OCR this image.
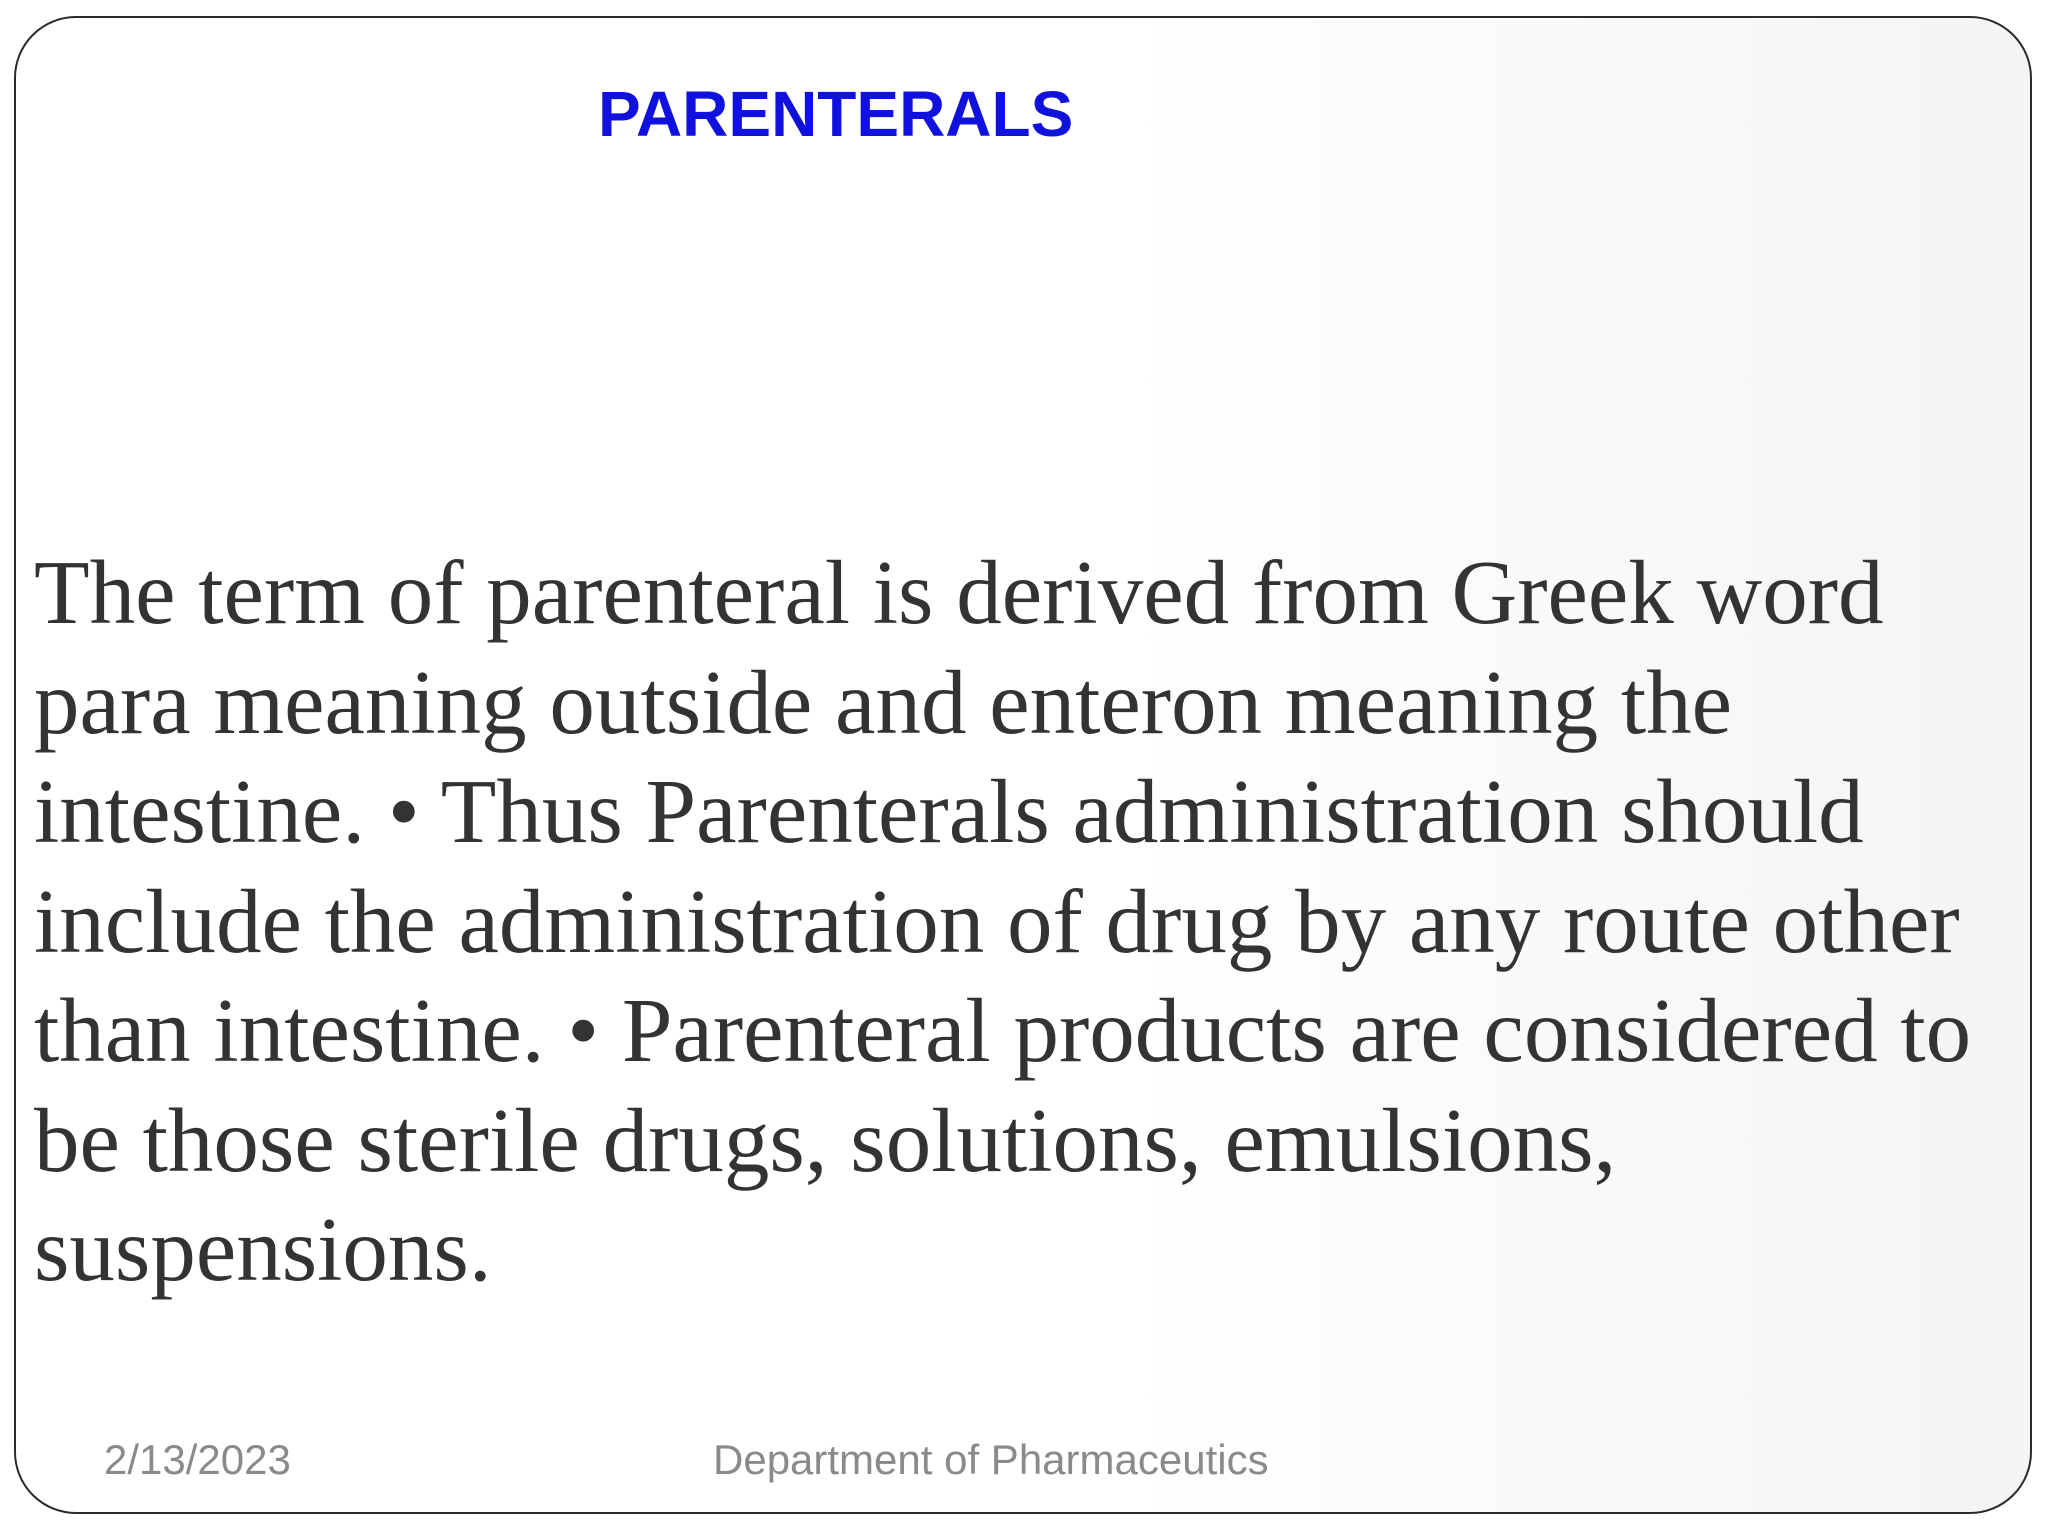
PARENTERALS

The term of parenteral is derived from Greek word para meaning outside and enteron meaning the intestine. • Thus Parenterals administration should include the administration of drug by any route other than intestine. • Parenteral products are considered to be those sterile drugs, solutions, emulsions, suspensions.

2/13/2023	Department of Pharmaceutics
